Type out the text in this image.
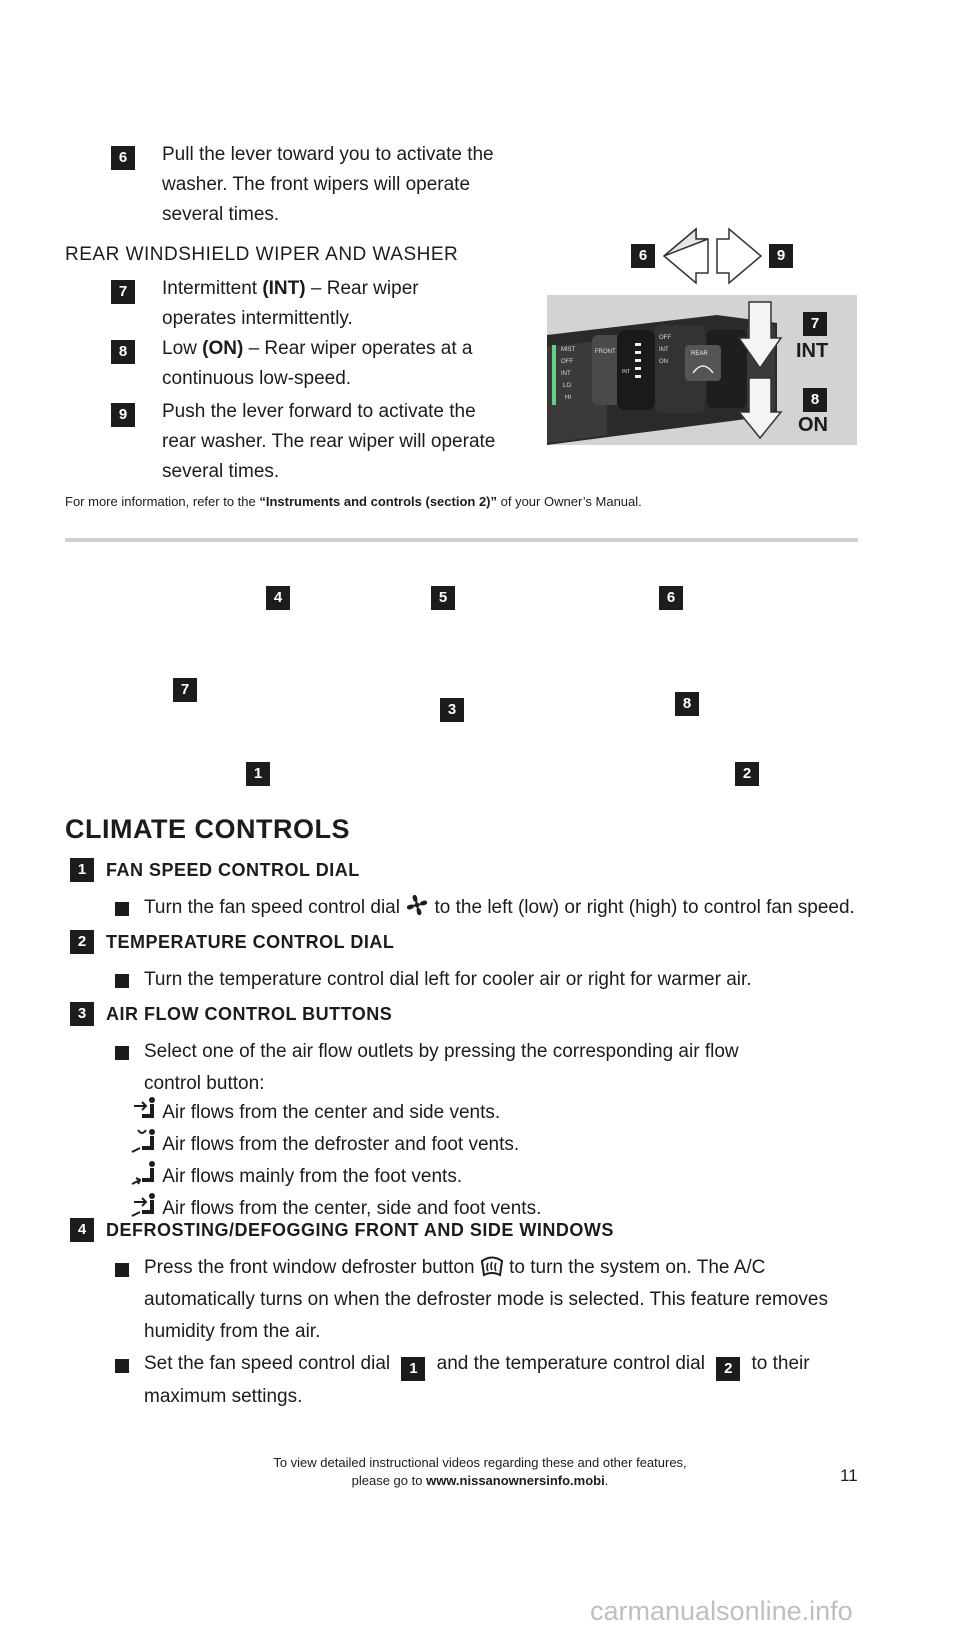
6	Pull the lever toward you to activate the
washer. The front wipers will operate
several times.
REAR WINDSHIELD WIPER AND WASHER
7	Intermittent (INT) – Rear wiper
operates intermittently.
8	Low (ON) – Rear wiper operates at a
continuous low-speed.
9	Push the lever forward to activate the
rear washer. The rear wiper will operate
several times.
6	9
MIST
OFF
INT
LO
HI
FRONT
INT
OFF
INT
ON
REAR
7
INT
8
ON
For more information, refer to the “Instruments and controls (section 2)” of your Owner’s Manual.
4	5	6
7
3	8
1	2
CLIMATE CONTROLS
1	FAN SPEED CONTROL DIAL
Turn the fan speed control dial  to the left (low) or right (high) to control fan speed.
2	TEMPERATURE CONTROL DIAL
Turn the temperature control dial left for cooler air or right for warmer air.
3	AIR FLOW CONTROL BUTTONS
Select one of the air flow outlets by pressing the corresponding air flow
control button:
Air flows from the center and side vents.
Air flows from the defroster and foot vents.
Air flows mainly from the foot vents.
Air flows from the center, side and foot vents.
4	DEFROSTING/DEFOGGING FRONT AND SIDE WINDOWS
Press the front window defroster button  to turn the system on. The A/C
automatically turns on when the defroster mode is selected. This feature removes
humidity from the air.
Set the fan speed control dial 1 and the temperature control dial 2 to their
maximum settings.
To view detailed instructional videos regarding these and other features,
please go to www.nissanownersinfo.mobi.	11
carmanualsonline.info
